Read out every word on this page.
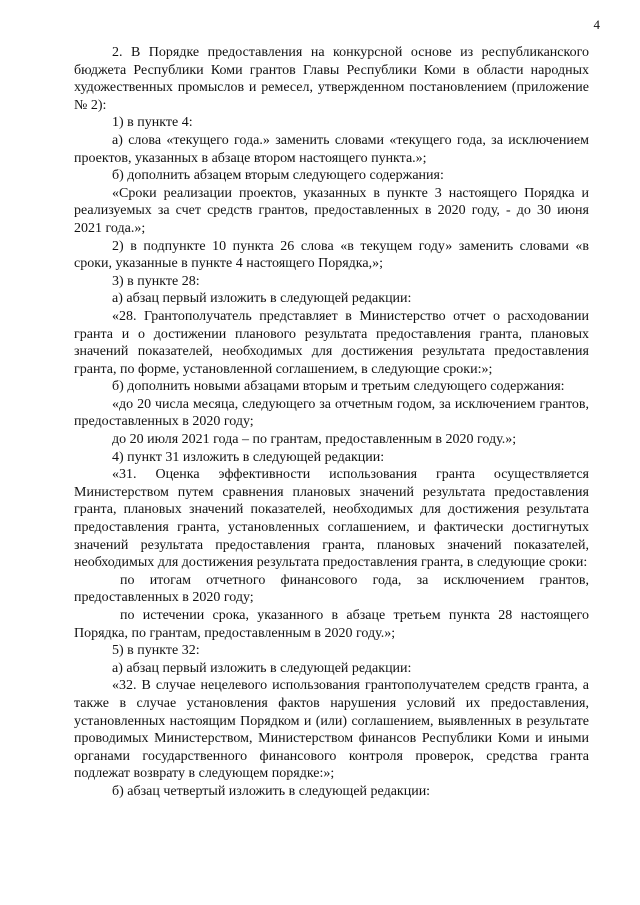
4

2. В Порядке предоставления на конкурсной основе из республиканского бюджета Республики Коми грантов Главы Республики Коми в области народных художественных промыслов и ремесел, утвержденном постановлением (приложение № 2):

1) в пункте 4:

а) слова «текущего года.» заменить словами «текущего года, за исключением проектов, указанных в абзаце втором настоящего пункта.»;

б) дополнить абзацем вторым следующего содержания:

«Сроки реализации проектов, указанных в пункте 3 настоящего Порядка и реализуемых за счет средств грантов, предоставленных в 2020 году, - до 30 июня 2021 года.»;

2) в подпункте 10 пункта 26 слова «в текущем году» заменить словами «в сроки, указанные в пункте 4 настоящего Порядка,»;

3) в пункте 28:

а) абзац первый изложить в следующей редакции:

«28. Грантополучатель представляет в Министерство отчет о расходовании гранта и о достижении планового результата предоставления гранта, плановых значений показателей, необходимых для достижения результата предоставления гранта, по форме, установленной соглашением, в следующие сроки:»;

б) дополнить новыми абзацами вторым и третьим следующего содержания:

«до 20 числа месяца, следующего за отчетным годом, за исключением грантов, предоставленных в 2020 году;

до 20 июля 2021 года – по грантам, предоставленным в 2020 году.»;

4) пункт 31 изложить в следующей редакции:

«31. Оценка эффективности использования гранта осуществляется Министерством путем сравнения плановых значений результата предоставления гранта, плановых значений показателей, необходимых для достижения результата предоставления гранта, установленных соглашением, и фактически достигнутых значений результата предоставления гранта, плановых значений показателей, необходимых для достижения результата предоставления гранта, в следующие сроки:

по итогам отчетного финансового года, за исключением грантов, предоставленных в 2020 году;

по истечении срока, указанного в абзаце третьем пункта 28 настоящего Порядка, по грантам, предоставленным в 2020 году.»;

5) в пункте 32:

а) абзац первый изложить в следующей редакции:

«32. В случае нецелевого использования грантополучателем средств гранта, а также в случае установления фактов нарушения условий их предоставления, установленных настоящим Порядком и (или) соглашением, выявленных в результате проводимых Министерством, Министерством финансов Республики Коми и иными органами государственного финансового контроля проверок, средства гранта подлежат возврату в следующем порядке:»;

б) абзац четвертый изложить в следующей редакции:
